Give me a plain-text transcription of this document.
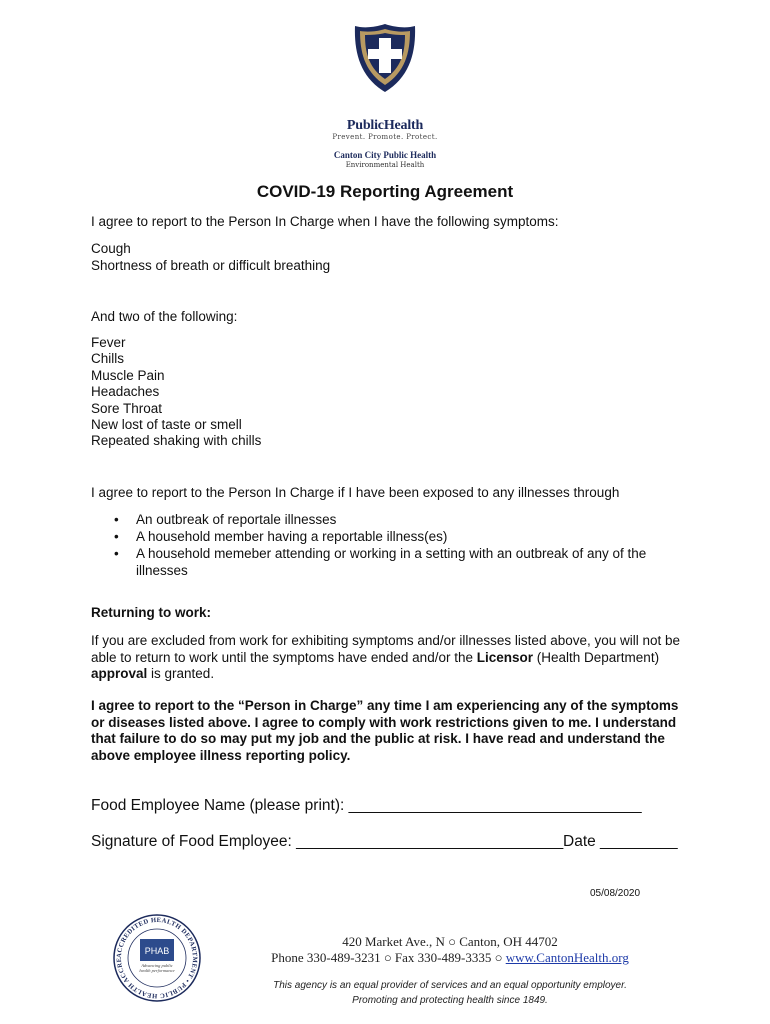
PublicHealth
Prevent. Promote. Protect.
Canton City Public Health
Environmental Health
COVID-19 Reporting Agreement
I agree to report to the Person In Charge when I have the following symptoms:
Cough
Shortness of breath or difficult breathing
And two of the following:
Fever
Chills
Muscle Pain
Headaches
Sore Throat
New lost of taste or smell
Repeated shaking with chills
I agree to report to the Person In Charge if I have been exposed to any illnesses through
• An outbreak of reportale illnesses
• A household member having a reportable illness(es)
• A household memeber attending or working in a setting with an outbreak of any of the illnesses
Returning to work:
If you are excluded from work for exhibiting symptoms and/or illnesses listed above, you will not be able to return to work until the symptoms have ended and/or the Licensor (Health Department) approval is granted.
I agree to report to the “Person in Charge” any time I am experiencing any of the symptoms or diseases listed above. I agree to comply with work restrictions given to me. I understand that failure to do so may put my job and the public at risk. I have read and understand the above employee illness reporting policy.
Food Employee Name (please print): __________________________________
Signature of Food Employee: _______________________________ Date _________
05/08/2020
ACCREDITED HEALTH DEPARTMENT • PUBLIC HEALTH ACCRE
PHAB
Advancing public health performance
420 Market Ave., N ○ Canton, OH 44702
Phone 330-489-3231 ○ Fax 330-489-3335 ○ www.CantonHealth.org
This agency is an equal provider of services and an equal opportunity employer.
Promoting and protecting health since 1849.
